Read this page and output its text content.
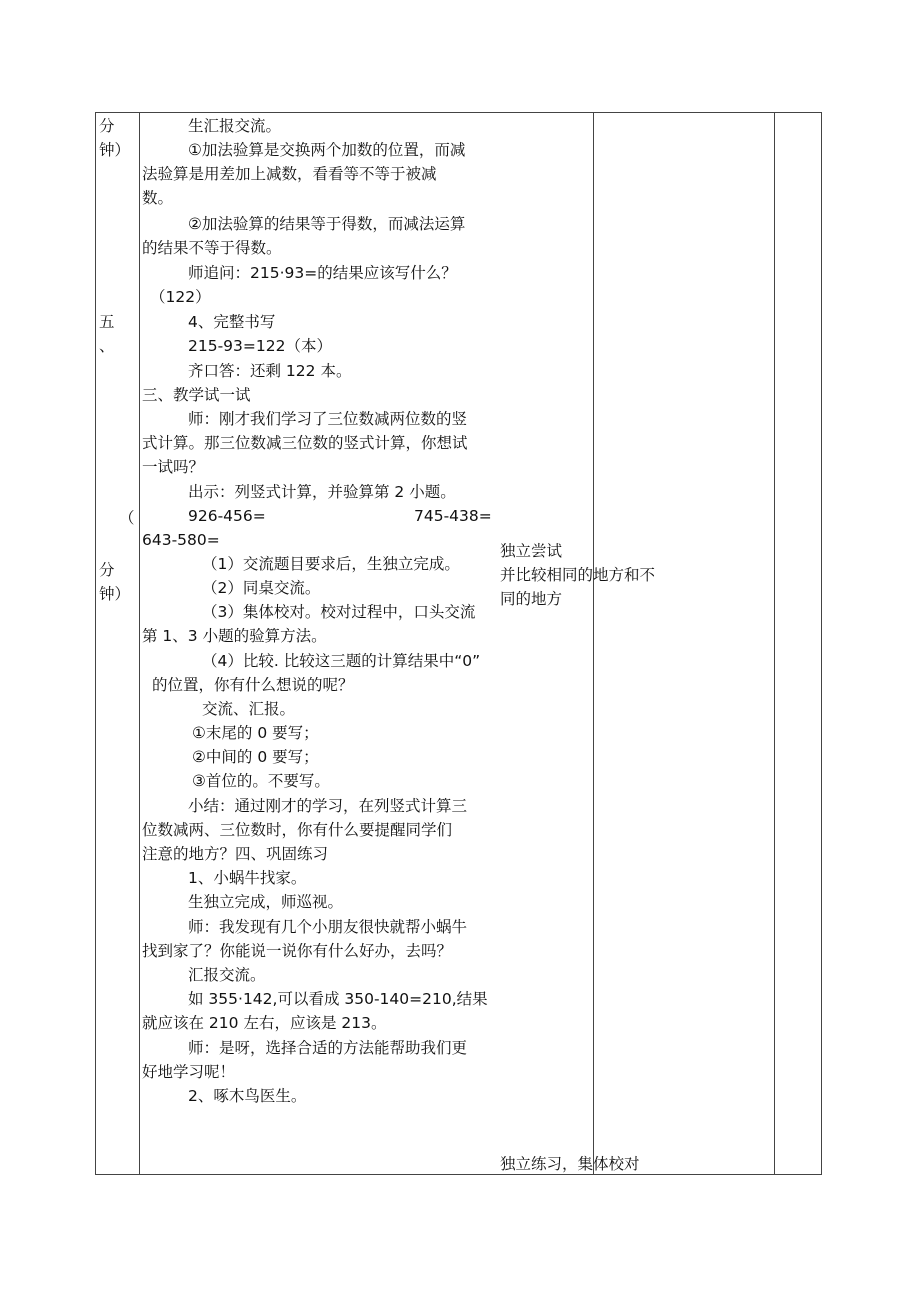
分
钟）
五
、
（
分
钟）
生汇报交流。
①加法验算是交换两个加数的位置，而减
法验算是用差加上减数，看看等不等于被减
数。
②加法验算的结果等于得数，而减法运算
的结果不等于得数。
师追问：215·93=的结果应该写什么？
（122）
4、完整书写
215-93=122（本）
齐口答：还剩 122 本。
三、教学试一试
师：刚才我们学习了三位数减两位数的竖
式计算。那三位数减三位数的竖式计算，你想试
一试吗？
出示：列竖式计算，并验算第 2 小题。
926-456=	745-438=
643-580=
（1）交流题目要求后，生独立完成。
（2）同桌交流。
（3）集体校对。校对过程中，口头交流
第 1、3 小题的验算方法。
（4）比较. 比较这三题的计算结果中“0”
的位置，你有什么想说的呢？
交流、汇报。
①末尾的 0 要写；
②中间的 0 要写；
③首位的。不要写。
小结：通过刚才的学习，在列竖式计算三
位数减两、三位数时，你有什么要提醒同学们
注意的地方？四、巩固练习
1、小蜗牛找家。
生独立完成，师巡视。
师：我发现有几个小朋友很快就帮小蜗牛
找到家了？你能说一说你有什么好办，去吗？
汇报交流。
如 355·142,可以看成 350-140=210,结果
就应该在 210 左右，应该是 213。
师：是呀，选择合适的方法能帮助我们更
好地学习呢！
2、啄木鸟医生。
独立尝试
并比较相同的地方和不
同的地方
独立练习，集体校对
